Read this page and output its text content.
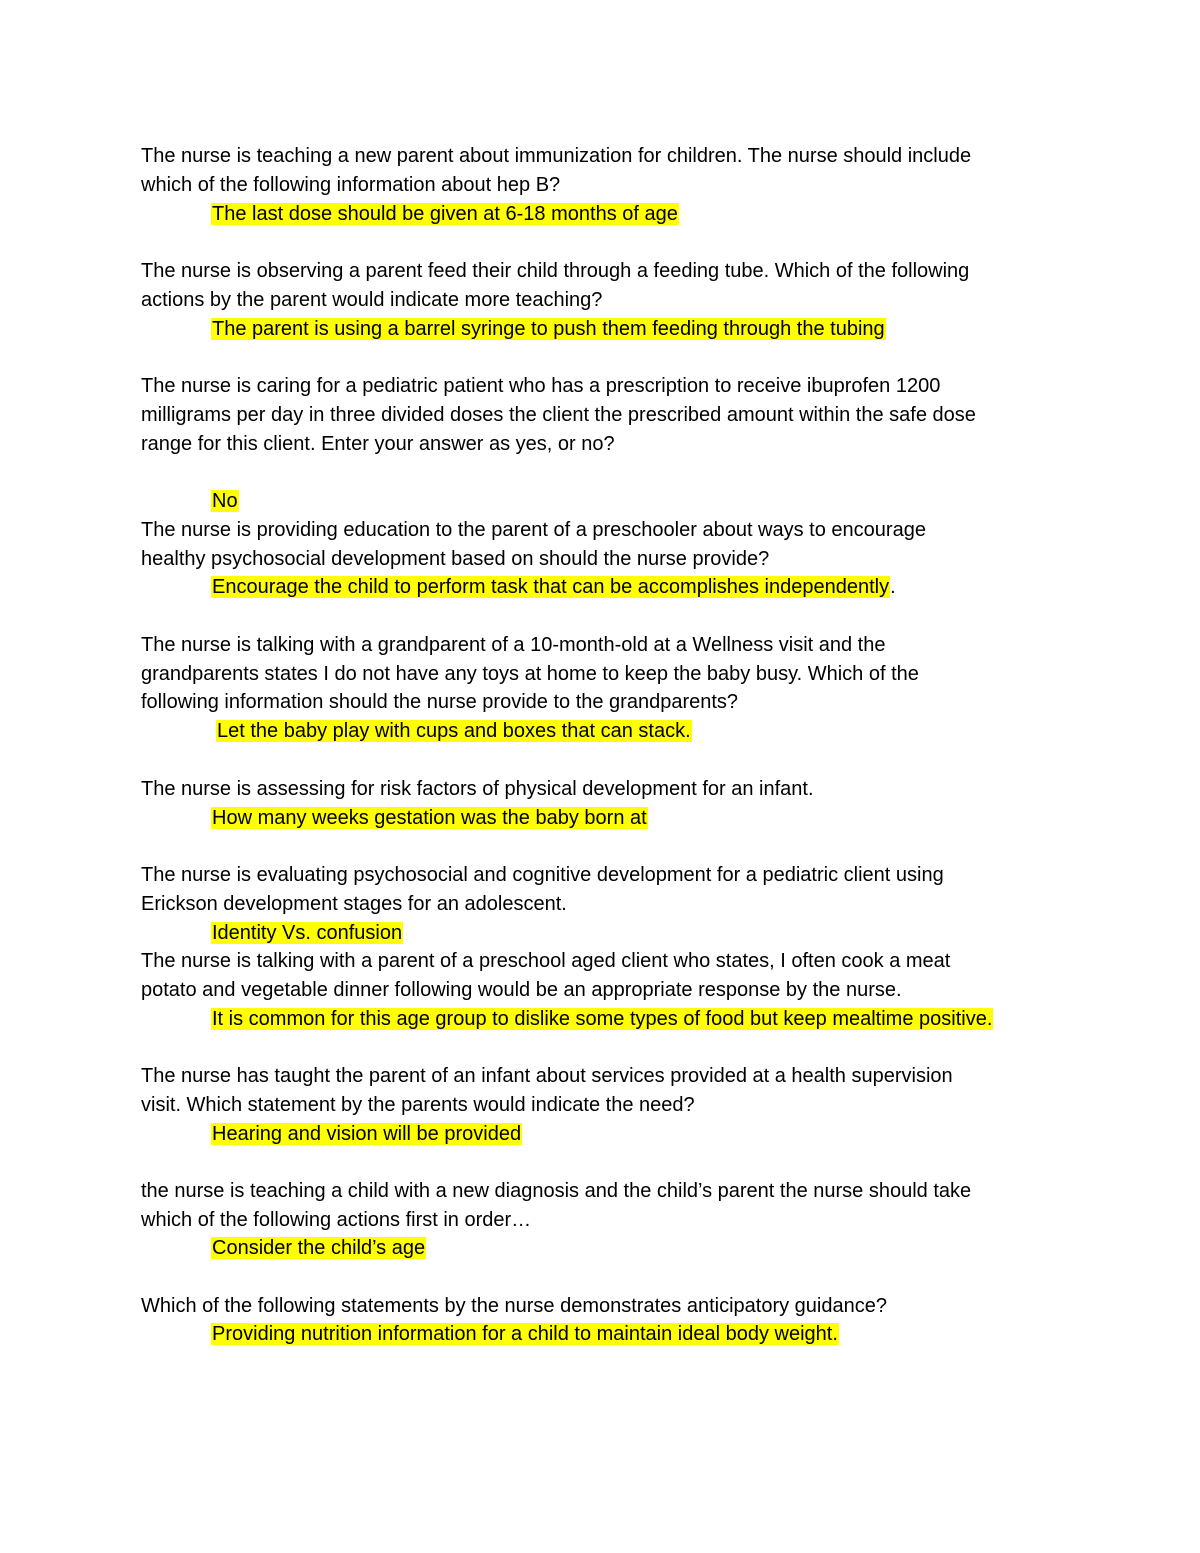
The nurse is teaching a new parent about immunization for children. The nurse should include
which of the following information about hep B?
The last dose should be given at 6-18 months of age
The nurse is observing a parent feed their child through a feeding tube. Which of the following
actions by the parent would indicate more teaching?
The parent is using a barrel syringe to push them feeding through the tubing
The nurse is caring for a pediatric patient who has a prescription to receive ibuprofen 1200
milligrams per day in three divided doses the client the prescribed amount within the safe dose
range for this client. Enter your answer as yes, or no?
No
The nurse is providing education to the parent of a preschooler about ways to encourage
healthy psychosocial development based on should the nurse provide?
Encourage the child to perform task that can be accomplishes independently.
The nurse is talking with a grandparent of a 10-month-old at a Wellness visit and the
grandparents states I do not have any toys at home to keep the baby busy. Which of the
following information should the nurse provide to the grandparents?
Let the baby play with cups and boxes that can stack.
The nurse is assessing for risk factors of physical development for an infant.
How many weeks gestation was the baby born at
The nurse is evaluating psychosocial and cognitive development for a pediatric client using
Erickson development stages for an adolescent.
Identity Vs. confusion
The nurse is talking with a parent of a preschool aged client who states, I often cook a meat
potato and vegetable dinner following would be an appropriate response by the nurse.
It is common for this age group to dislike some types of food but keep mealtime positive.
The nurse has taught the parent of an infant about services provided at a health supervision
visit. Which statement by the parents would indicate the need?
Hearing and vision will be provided
the nurse is teaching a child with a new diagnosis and the child’s parent the nurse should take
which of the following actions first in order…
Consider the child’s age
Which of the following statements by the nurse demonstrates anticipatory guidance?
Providing nutrition information for a child to maintain ideal body weight.
